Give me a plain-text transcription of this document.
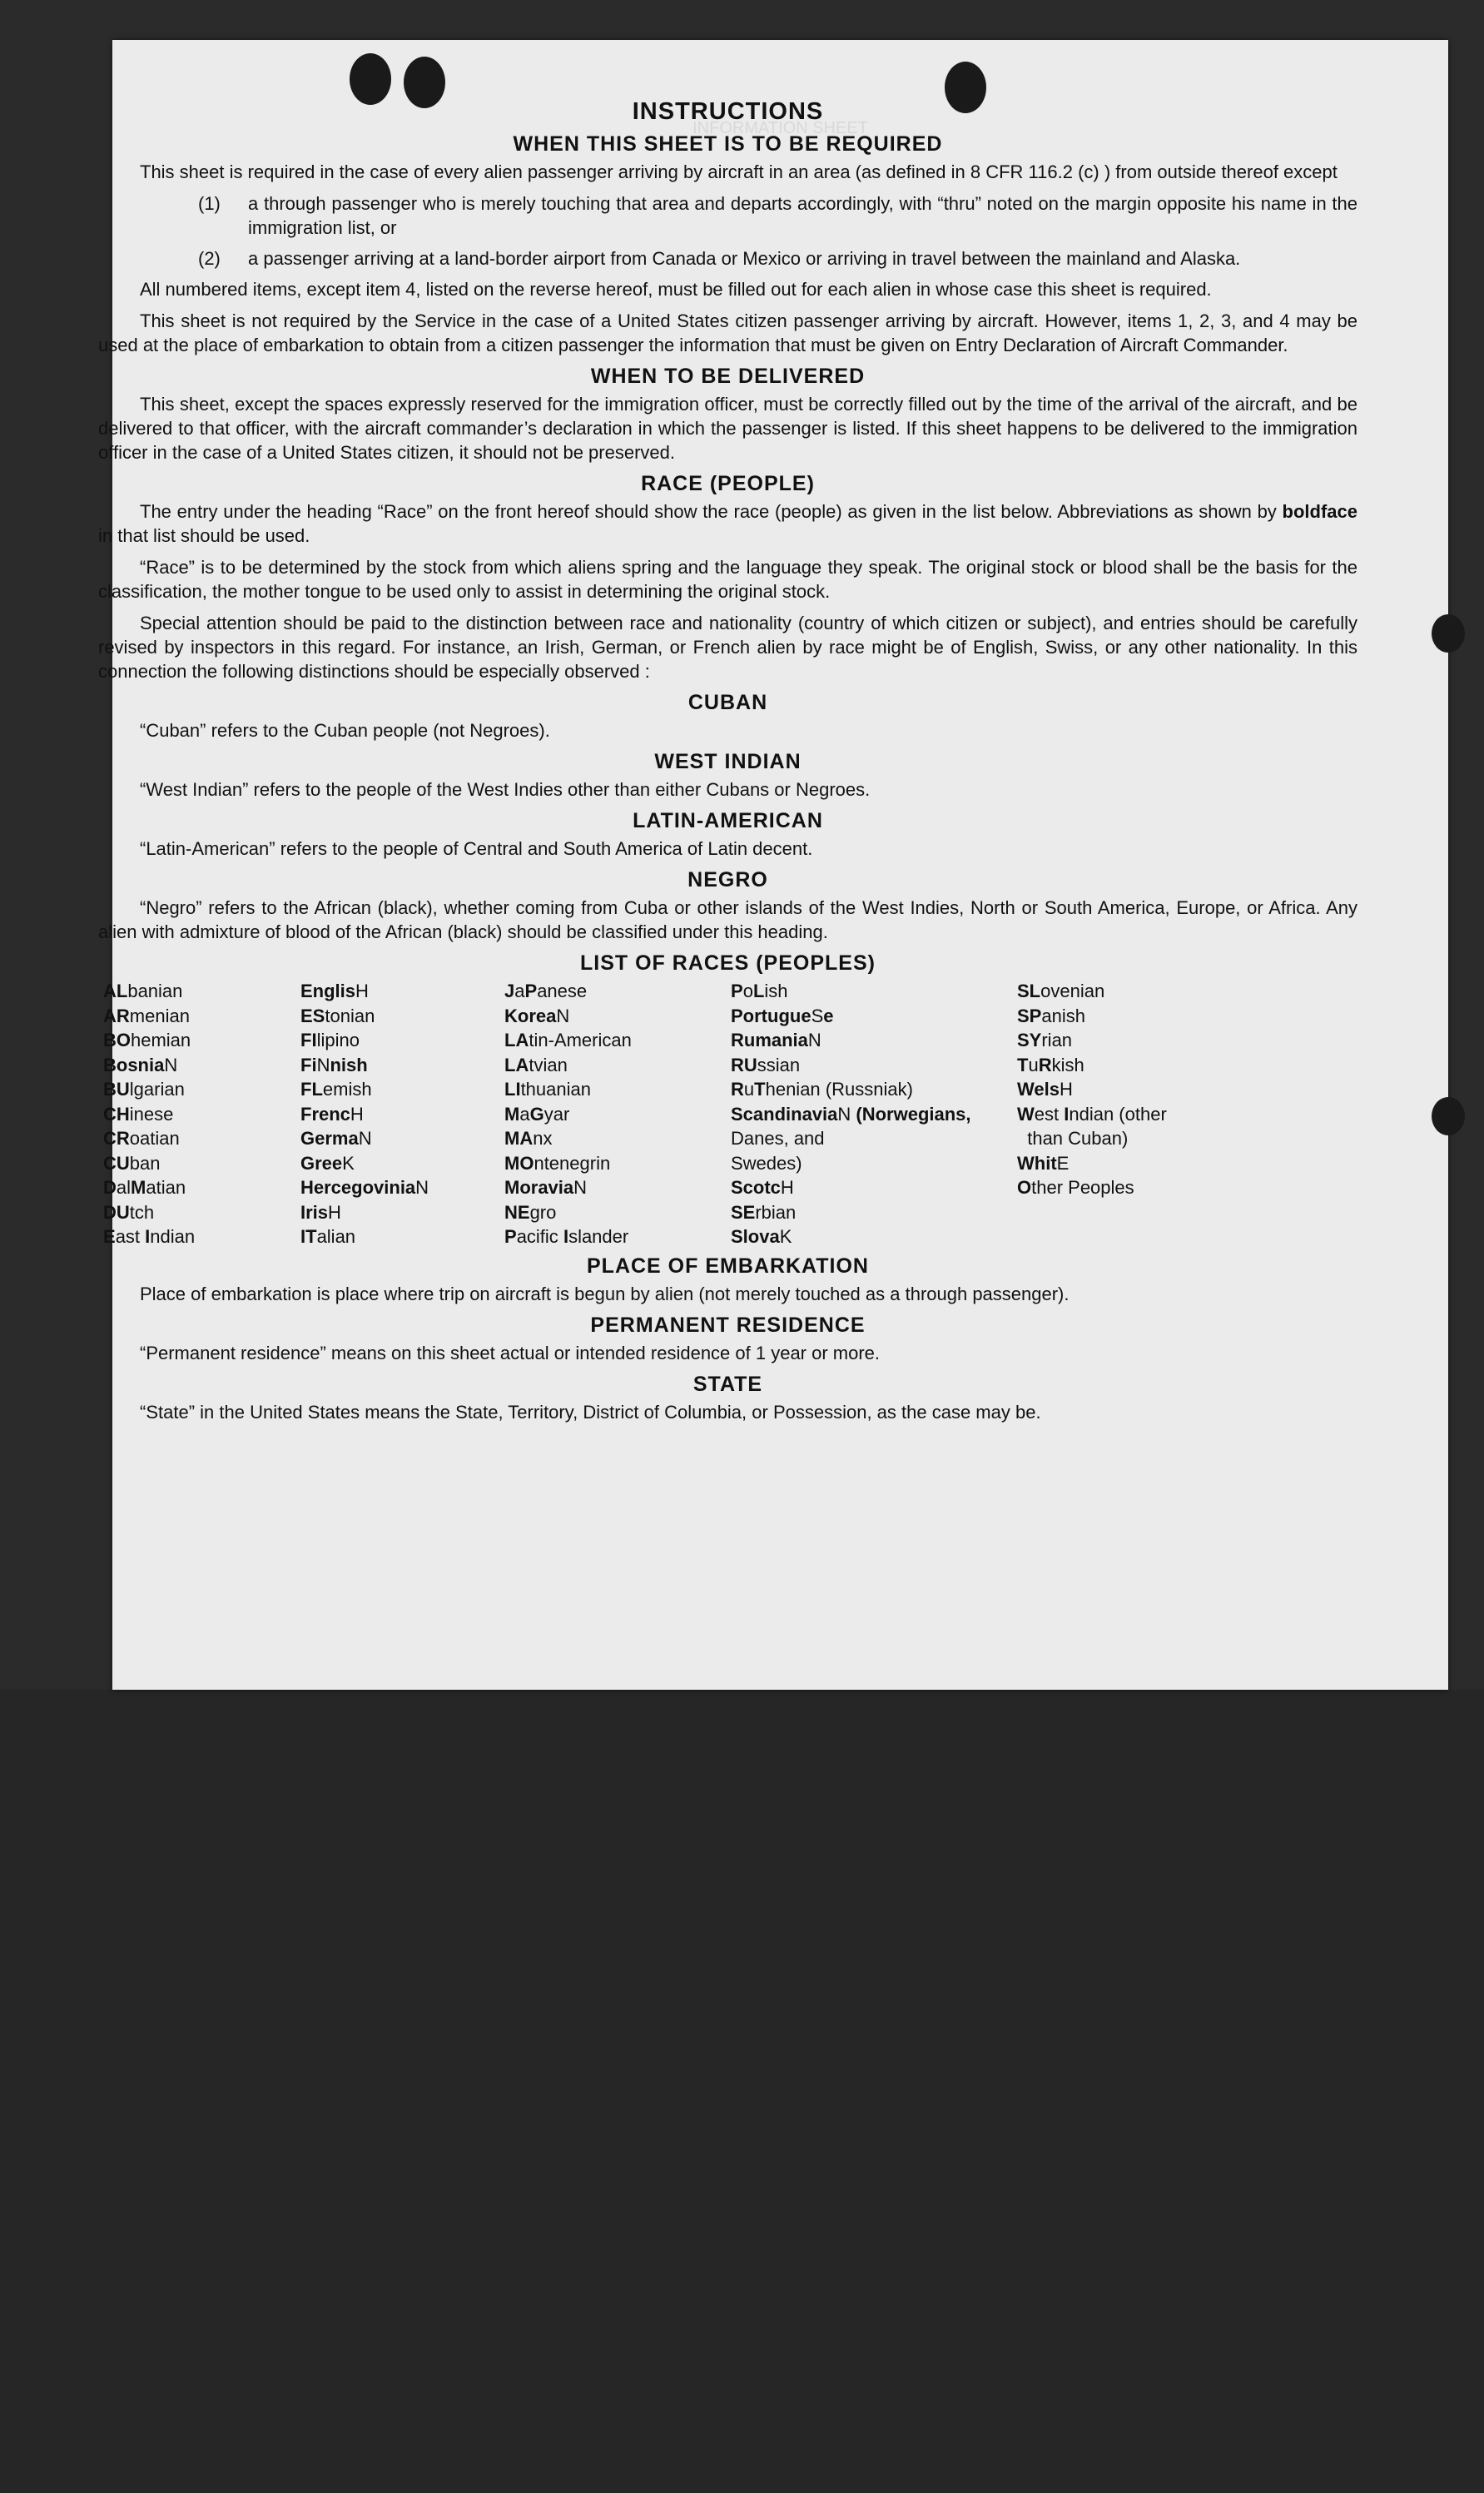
INFORMATION SHEET
INSTRUCTIONS
WHEN THIS SHEET IS TO BE REQUIRED

This sheet is required in the case of every alien passenger arriving by aircraft in an area (as defined in 8 CFR 116.2 (c) ) from outside thereof except

(1)	a through passenger who is merely touching that area and departs accordingly, with “thru” noted on the margin opposite his name in the immigration list, or
(2)	a passenger arriving at a land-border airport from Canada or Mexico or arriving in travel between the mainland and Alaska.

All numbered items, except item 4, listed on the reverse hereof, must be filled out for each alien in whose case this sheet is required.

This sheet is not required by the Service in the case of a United States citizen passenger arriving by aircraft. However, items 1, 2, 3, and 4 may be used at the place of embarkation to obtain from a citizen passenger the information that must be given on Entry Declaration of Aircraft Commander.

WHEN TO BE DELIVERED

This sheet, except the spaces expressly reserved for the immigration officer, must be correctly filled out by the time of the arrival of the aircraft, and be delivered to that officer, with the aircraft commander’s declaration in which the passenger is listed. If this sheet happens to be delivered to the immigration officer in the case of a United States citizen, it should not be preserved.

RACE (PEOPLE)

The entry under the heading “Race” on the front hereof should show the race (people) as given in the list below. Abbreviations as shown by boldface in that list should be used.

“Race” is to be determined by the stock from which aliens spring and the language they speak. The original stock or blood shall be the basis for the classification, the mother tongue to be used only to assist in determining the original stock.

Special attention should be paid to the distinction between race and nationality (country of which citizen or subject), and entries should be carefully revised by inspectors in this regard. For instance, an Irish, German, or French alien by race might be of English, Swiss, or any other nationality. In this connection the following distinctions should be especially observed :

CUBAN

“Cuban” refers to the Cuban people (not Negroes).

WEST INDIAN

“West Indian” refers to the people of the West Indies other than either Cubans or Negroes.

LATIN-AMERICAN

“Latin-American” refers to the people of Central and South America of Latin decent.

NEGRO

“Negro” refers to the African (black), whether coming from Cuba or other islands of the West Indies, North or South America, Europe, or Africa. Any alien with admixture of blood of the African (black) should be classified under this heading.

LIST OF RACES (PEOPLES)
ALbanian
ARmenian
BOhemian
BosniaN
BUlgarian
CHinese
CRoatian
CUban
DalMatian
DUtch
East Indian
EnglisH
EStonian
FIlipino
FiNnish
FLemish
FrencH
GermaN
GreeK
HercegoviniaN
IrisH
ITalian
JaPanese
KoreaN
LAtin-American
LAtvian
LIthuanian
MaGyar
MAnx
MOntenegrin
MoraviaN
NEgro
Pacific Islander
PoLish
PortugueSe
RumaniaN
RUssian
RuThenian (Russniak)
ScandinaviaN (Norwegians,
Danes, and
Swedes)
ScotcH
SErbian
SlovaK
SLovenian
SPanish
SYrian
TuRkish
WelsH
West Indian (other
than Cuban)
WhitE
Other Peoples
PLACE OF EMBARKATION

Place of embarkation is place where trip on aircraft is begun by alien (not merely touched as a through passenger).

PERMANENT RESIDENCE

“Permanent residence” means on this sheet actual or intended residence of 1 year or more.

STATE

“State” in the United States means the State, Territory, District of Columbia, or Possession, as the case may be.
